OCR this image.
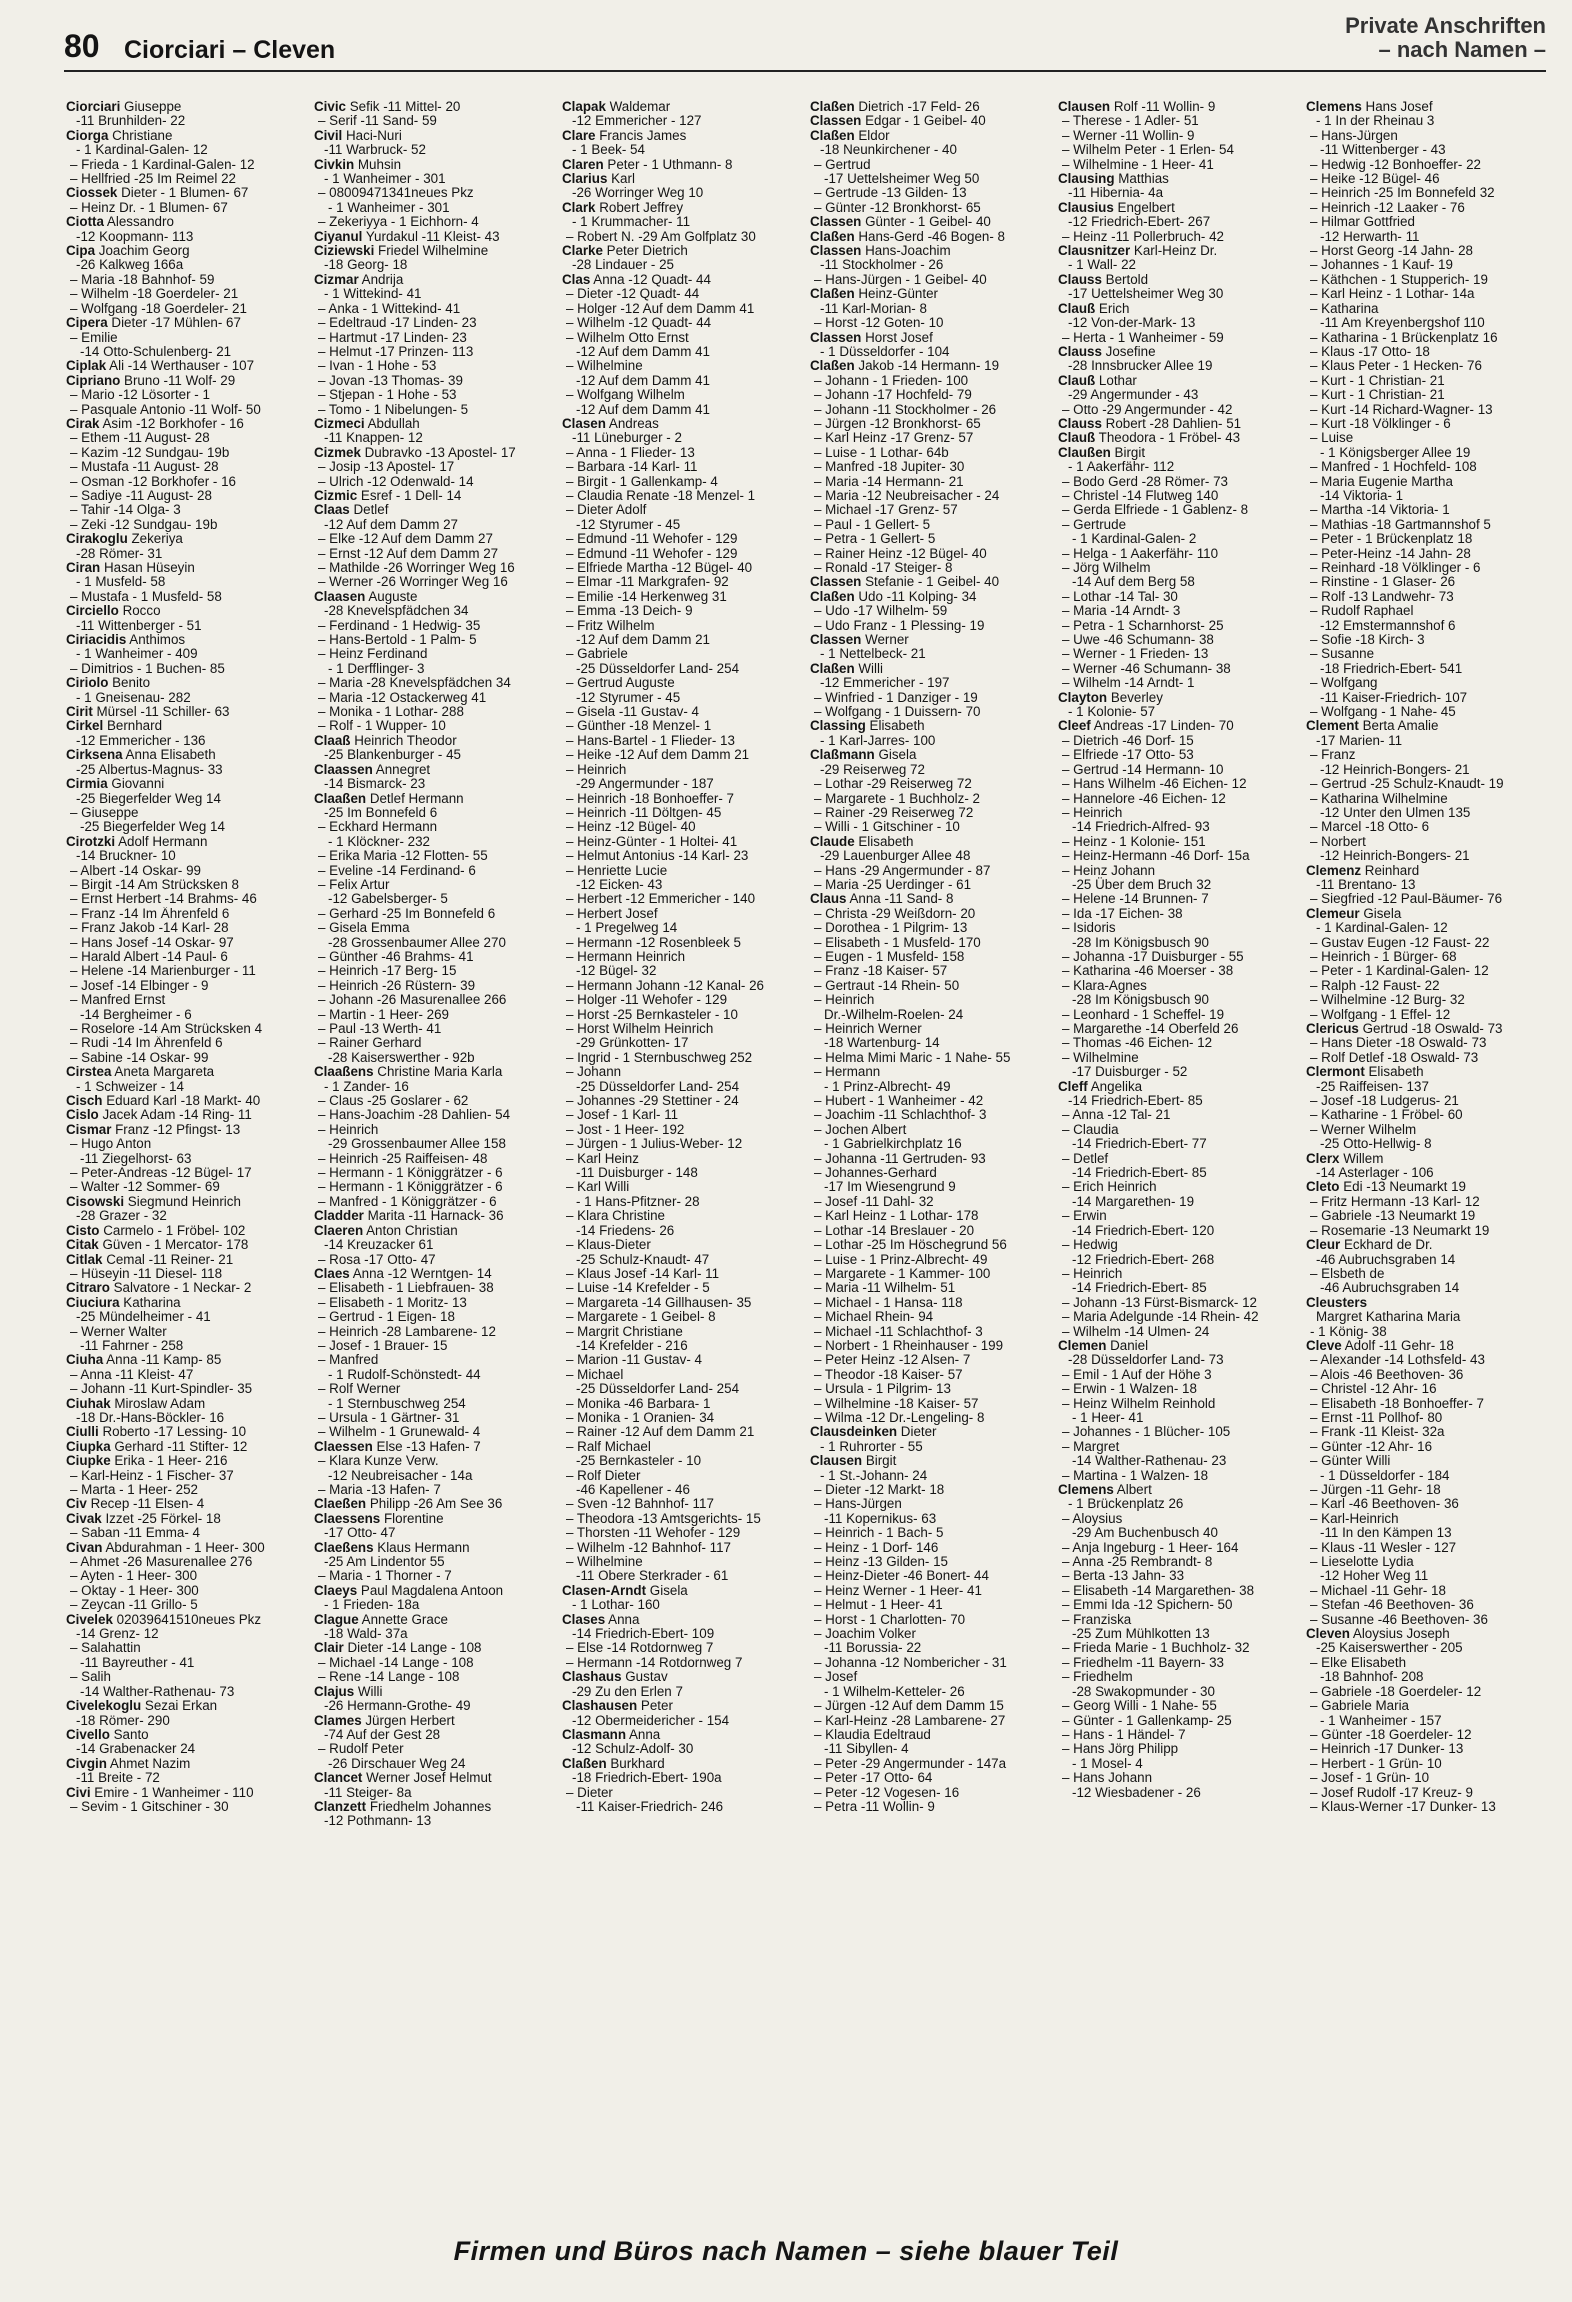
80 Ciorciari – Cleven
Private Anschriften
– nach Namen –
Ciorciari Giuseppe
-11 Brunhilden- 22
Ciorga Christiane
- 1 Kardinal-Galen- 12
– Frieda - 1 Kardinal-Galen- 12
– Hellfried -25 Im Reimel 22
Ciossek Dieter - 1 Blumen- 67
– Heinz Dr. - 1 Blumen- 67
Ciotta Alessandro
-12 Koopmann- 113
Cipa Joachim Georg
-26 Kalkweg 166a
– Maria -18 Bahnhof- 59
– Wilhelm -18 Goerdeler- 21
– Wolfgang -18 Goerdeler- 21
Cipera Dieter -17 Mühlen- 67
– Emilie
-14 Otto-Schulenberg- 21
Ciplak Ali -14 Werthauser - 107
Cipriano Bruno -11 Wolf- 29
– Mario -12 Lösorter - 1
– Pasquale Antonio -11 Wolf- 50
Cirak Asim -12 Borkhofer - 16
– Ethem -11 August- 28
– Kazim -12 Sundgau- 19b
– Mustafa -11 August- 28
– Osman -12 Borkhofer - 16
– Sadiye -11 August- 28
– Tahir -14 Olga- 3
– Zeki -12 Sundgau- 19b
Cirakoglu Zekeriya
-28 Römer- 31
Ciran Hasan Hüseyin
- 1 Musfeld- 58
– Mustafa - 1 Musfeld- 58
Circiello Rocco
-11 Wittenberger - 51
Ciriacidis Anthimos
- 1 Wanheimer - 409
– Dimitrios - 1 Buchen- 85
Ciriolo Benito
- 1 Gneisenau- 282
Cirit Mürsel -11 Schiller- 63
Cirkel Bernhard
-12 Emmericher - 136
Cirksena Anna Elisabeth
-25 Albertus-Magnus- 33
Cirmia Giovanni
-25 Biegerfelder Weg 14
– Giuseppe
-25 Biegerfelder Weg 14
Cirotzki Adolf Hermann
-14 Bruckner- 10
– Albert -14 Oskar- 99
– Birgit -14 Am Strücksken 8
– Ernst Herbert -14 Brahms- 46
– Franz -14 Im Ährenfeld 6
– Franz Jakob -14 Karl- 28
– Hans Josef -14 Oskar- 97
– Harald Albert -14 Paul- 6
– Helene -14 Marienburger - 11
– Josef -14 Elbinger - 9
– Manfred Ernst
-14 Bergheimer - 6
– Roselore -14 Am Strücksken 4
– Rudi -14 Im Ährenfeld 6
– Sabine -14 Oskar- 99
Cirstea Aneta Margareta
- 1 Schweizer - 14
Cisch Eduard Karl -18 Markt- 40
Cislo Jacek Adam -14 Ring- 11
Cismar Franz -12 Pfingst- 13
– Hugo Anton
-11 Ziegelhorst- 63
– Peter-Andreas -12 Bügel- 17
– Walter -12 Sommer- 69
Cisowski Siegmund Heinrich
-28 Grazer - 32
Cisto Carmelo - 1 Fröbel- 102
Citak Güven - 1 Mercator- 178
Citlak Cemal -11 Reiner- 21
– Hüseyin -11 Diesel- 118
Citraro Salvatore - 1 Neckar- 2
Ciuciura Katharina
-25 Mündelheimer - 41
– Werner Walter
-11 Fahrner - 258
Ciuha Anna -11 Kamp- 85
– Anna -11 Kleist- 47
– Johann -11 Kurt-Spindler- 35
Ciuhak Miroslaw Adam
-18 Dr.-Hans-Böckler- 16
Ciulli Roberto -17 Lessing- 10
Ciupka Gerhard -11 Stifter- 12
Ciupke Erika - 1 Heer- 216
– Karl-Heinz - 1 Fischer- 37
– Marta - 1 Heer- 252
Civ Recep -11 Elsen- 4
Civak Izzet -25 Förkel- 18
– Saban -11 Emma- 4
Civan Abdurahman - 1 Heer- 300
– Ahmet -26 Masurenallee 276
– Ayten - 1 Heer- 300
– Oktay - 1 Heer- 300
– Zeycan -11 Grillo- 5
Civelek 02039641510neues Pkz
-14 Grenz- 12
– Salahattin
-11 Bayreuther - 41
– Salih
-14 Walther-Rathenau- 73
Civelekoglu Sezai Erkan
-18 Römer- 290
Civello Santo
-14 Grabenacker 24
Civgin Ahmet Nazim
-11 Breite - 72
Civi Emire - 1 Wanheimer - 110
– Sevim - 1 Gitschiner - 30
Civic Sefik -11 Mittel- 20
– Serif -11 Sand- 59
Civil Haci-Nuri
-11 Warbruck- 52
Civkin Muhsin
- 1 Wanheimer - 301
– 08009471341neues Pkz
- 1 Wanheimer - 301
– Zekeriyya - 1 Eichhorn- 4
Ciyanul Yurdakul -11 Kleist- 43
Ciziewski Friedel Wilhelmine
-18 Georg- 18
Cizmar Andrija
- 1 Wittekind- 41
– Anka - 1 Wittekind- 41
– Edeltraud -17 Linden- 23
– Hartmut -17 Linden- 23
– Helmut -17 Prinzen- 113
– Ivan - 1 Hohe - 53
– Jovan -13 Thomas- 39
– Stjepan - 1 Hohe - 53
– Tomo - 1 Nibelungen- 5
Cizmeci Abdullah
-11 Knappen- 12
Cizmek Dubravko -13 Apostel- 17
– Josip -13 Apostel- 17
– Ulrich -12 Odenwald- 14
Cizmic Esref - 1 Dell- 14
Claas Detlef
-12 Auf dem Damm 27
– Elke -12 Auf dem Damm 27
– Ernst -12 Auf dem Damm 27
– Mathilde -26 Worringer Weg 16
– Werner -26 Worringer Weg 16
Claasen Auguste
-28 Knevelspfädchen 34
– Ferdinand - 1 Hedwig- 35
– Hans-Bertold - 1 Palm- 5
– Heinz Ferdinand
- 1 Derfflinger- 3
– Maria -28 Knevelspfädchen 34
– Maria -12 Ostackerweg 41
– Monika - 1 Lothar- 288
– Rolf - 1 Wupper- 10
Claaß Heinrich Theodor
-25 Blankenburger - 45
Claassen Annegret
-14 Bismarck- 23
Claaßen Detlef Hermann
-25 Im Bonnefeld 6
– Eckhard Hermann
- 1 Klöckner- 232
– Erika Maria -12 Flotten- 55
– Eveline -14 Ferdinand- 6
– Felix Artur
-12 Gabelsberger- 5
– Gerhard -25 Im Bonnefeld 6
– Gisela Emma
-28 Grossenbaumer Allee 270
– Günther -46 Brahms- 41
– Heinrich -17 Berg- 15
– Heinrich -26 Rüstern- 39
– Johann -26 Masurenallee 266
– Martin - 1 Heer- 269
– Paul -13 Werth- 41
– Rainer Gerhard
-28 Kaiserswerther - 92b
Claaßens Christine Maria Karla
- 1 Zander- 16
– Claus -25 Goslarer - 62
– Hans-Joachim -28 Dahlien- 54
– Heinrich
-29 Grossenbaumer Allee 158
– Heinrich -25 Raiffeisen- 48
– Hermann - 1 Königgrätzer - 6
– Hermann - 1 Königgrätzer - 6
– Manfred - 1 Königgrätzer - 6
Cladder Marita -11 Harnack- 36
Claeren Anton Christian
-14 Kreuzacker 61
– Rosa -17 Otto- 47
Claes Anna -12 Werntgen- 14
– Elisabeth - 1 Liebfrauen- 38
– Elisabeth - 1 Moritz- 13
– Gertrud - 1 Eigen- 18
– Heinrich -28 Lambarene- 12
– Josef - 1 Brauer- 15
– Manfred
- 1 Rudolf-Schönstedt- 44
– Rolf Werner
- 1 Sternbuschweg 254
– Ursula - 1 Gärtner- 31
– Wilhelm - 1 Grunewald- 4
Claessen Else -13 Hafen- 7
– Klara Kunze Verw.
-12 Neubreisacher - 14a
– Maria -13 Hafen- 7
Claeßen Philipp -26 Am See 36
Claessens Florentine
-17 Otto- 47
Claeßens Klaus Hermann
-25 Am Lindentor 55
– Maria - 1 Thorner - 7
Claeys Paul Magdalena Antoon
- 1 Frieden- 18a
Clague Annette Grace
-18 Wald- 37a
Clair Dieter -14 Lange - 108
– Michael -14 Lange - 108
– Rene -14 Lange - 108
Clajus Willi
-26 Hermann-Grothe- 49
Clames Jürgen Herbert
-74 Auf der Gest 28
– Rudolf Peter
-26 Dirschauer Weg 24
Clancet Werner Josef Helmut
-11 Steiger- 8a
Clanzett Friedhelm Johannes
-12 Pothmann- 13
Clapak Waldemar
-12 Emmericher - 127
Clare Francis James
- 1 Beek- 54
Claren Peter - 1 Uthmann- 8
Clarius Karl
-26 Worringer Weg 10
Clark Robert Jeffrey
- 1 Krummacher- 11
– Robert N. -29 Am Golfplatz 30
Clarke Peter Dietrich
-28 Lindauer - 25
Clas Anna -12 Quadt- 44
– Dieter -12 Quadt- 44
– Holger -12 Auf dem Damm 41
– Wilhelm -12 Quadt- 44
– Wilhelm Otto Ernst
-12 Auf dem Damm 41
– Wilhelmine
-12 Auf dem Damm 41
– Wolfgang Wilhelm
-12 Auf dem Damm 41
Clasen Andreas
-11 Lüneburger - 2
– Anna - 1 Flieder- 13
– Barbara -14 Karl- 11
– Birgit - 1 Gallenkamp- 4
– Claudia Renate -18 Menzel- 1
– Dieter Adolf
-12 Styrumer - 45
– Edmund -11 Wehofer - 129
– Edmund -11 Wehofer - 129
– Elfriede Martha -12 Bügel- 40
– Elmar -11 Markgrafen- 92
– Emilie -14 Herkenweg 31
– Emma -13 Deich- 9
– Fritz Wilhelm
-12 Auf dem Damm 21
– Gabriele
-25 Düsseldorfer Land- 254
– Gertrud Auguste
-12 Styrumer - 45
– Gisela -11 Gustav- 4
– Günther -18 Menzel- 1
– Hans-Bartel - 1 Flieder- 13
– Heike -12 Auf dem Damm 21
– Heinrich
-29 Angermunder - 187
– Heinrich -18 Bonhoeffer- 7
– Heinrich -11 Döltgen- 45
– Heinz -12 Bügel- 40
– Heinz-Günter - 1 Holtei- 41
– Helmut Antonius -14 Karl- 23
– Henriette Lucie
-12 Eicken- 43
– Herbert -12 Emmericher - 140
– Herbert Josef
- 1 Pregelweg 14
– Hermann -12 Rosenbleek 5
– Hermann Heinrich
-12 Bügel- 32
– Hermann Johann -12 Kanal- 26
– Holger -11 Wehofer - 129
– Horst -25 Bernkasteler - 10
– Horst Wilhelm Heinrich
-29 Grünkotten- 17
– Ingrid - 1 Sternbuschweg 252
– Johann
-25 Düsseldorfer Land- 254
– Johannes -29 Stettiner - 24
– Josef - 1 Karl- 11
– Jost - 1 Heer- 192
– Jürgen - 1 Julius-Weber- 12
– Karl Heinz
-11 Duisburger - 148
– Karl Willi
- 1 Hans-Pfitzner- 28
– Klara Christine
-14 Friedens- 26
– Klaus-Dieter
-25 Schulz-Knaudt- 47
– Klaus Josef -14 Karl- 11
– Luise -14 Krefelder - 5
– Margareta -14 Gillhausen- 35
– Margarete - 1 Geibel- 8
– Margrit Christiane
-14 Krefelder - 216
– Marion -11 Gustav- 4
– Michael
-25 Düsseldorfer Land- 254
– Monika -46 Barbara- 1
– Monika - 1 Oranien- 34
– Rainer -12 Auf dem Damm 21
– Ralf Michael
-25 Bernkasteler - 10
– Rolf Dieter
-46 Kapellener - 46
– Sven -12 Bahnhof- 117
– Theodora -13 Amtsgerichts- 15
– Thorsten -11 Wehofer - 129
– Wilhelm -12 Bahnhof- 117
– Wilhelmine
-11 Obere Sterkrader - 61
Clasen-Arndt Gisela
- 1 Lothar- 160
Clases Anna
-14 Friedrich-Ebert- 109
– Else -14 Rotdornweg 7
– Hermann -14 Rotdornweg 7
Clashaus Gustav
-29 Zu den Erlen 7
Clashausen Peter
-12 Obermeidericher - 154
Clasmann Anna
-12 Schulz-Adolf- 30
Claßen Burkhard
-18 Friedrich-Ebert- 190a
– Dieter
-11 Kaiser-Friedrich- 246
Claßen Dietrich -17 Feld- 26
Classen Edgar - 1 Geibel- 40
Claßen Eldor
-18 Neunkirchener - 40
– Gertrud
-17 Uettelsheimer Weg 50
– Gertrude -13 Gilden- 13
– Günter -12 Bronkhorst- 65
Classen Günter - 1 Geibel- 40
Claßen Hans-Gerd -46 Bogen- 8
Classen Hans-Joachim
-11 Stockholmer - 26
– Hans-Jürgen - 1 Geibel- 40
Claßen Heinz-Günter
-11 Karl-Morian- 8
– Horst -12 Goten- 10
Classen Horst Josef
- 1 Düsseldorfer - 104
Claßen Jakob -14 Hermann- 19
– Johann - 1 Frieden- 100
– Johann -17 Hochfeld- 79
– Johann -11 Stockholmer - 26
– Jürgen -12 Bronkhorst- 65
– Karl Heinz -17 Grenz- 57
– Luise - 1 Lothar- 64b
– Manfred -18 Jupiter- 30
– Maria -14 Hermann- 21
– Maria -12 Neubreisacher - 24
– Michael -17 Grenz- 57
– Paul - 1 Gellert- 5
– Petra - 1 Gellert- 5
– Rainer Heinz -12 Bügel- 40
– Ronald -17 Steiger- 8
Classen Stefanie - 1 Geibel- 40
Claßen Udo -11 Kolping- 34
– Udo -17 Wilhelm- 59
– Udo Franz - 1 Plessing- 19
Classen Werner
- 1 Nettelbeck- 21
Claßen Willi
-12 Emmericher - 197
– Winfried - 1 Danziger - 19
– Wolfgang - 1 Duissern- 70
Classing Elisabeth
- 1 Karl-Jarres- 100
Claßmann Gisela
-29 Reiserweg 72
– Lothar -29 Reiserweg 72
– Margarete - 1 Buchholz- 2
– Rainer -29 Reiserweg 72
– Willi - 1 Gitschiner - 10
Claude Elisabeth
-29 Lauenburger Allee 48
– Hans -29 Angermunder - 87
– Maria -25 Uerdinger - 61
Claus Anna -11 Sand- 8
– Christa -29 Weißdorn- 20
– Dorothea - 1 Pilgrim- 13
– Elisabeth - 1 Musfeld- 170
– Eugen - 1 Musfeld- 158
– Franz -18 Kaiser- 57
– Gertraut -14 Rhein- 50
– Heinrich
Dr.-Wilhelm-Roelen- 24
– Heinrich Werner
-18 Wartenburg- 14
– Helma Mimi Maric - 1 Nahe- 55
– Hermann
- 1 Prinz-Albrecht- 49
– Hubert - 1 Wanheimer - 42
– Joachim -11 Schlachthof- 3
– Jochen Albert
- 1 Gabrielkirchplatz 16
– Johanna -11 Gertruden- 93
– Johannes-Gerhard
-17 Im Wiesengrund 9
– Josef -11 Dahl- 32
– Karl Heinz - 1 Lothar- 178
– Lothar -14 Breslauer - 20
– Lothar -25 Im Höschegrund 56
– Luise - 1 Prinz-Albrecht- 49
– Margarete - 1 Kammer- 100
– Maria -11 Wilhelm- 51
– Michael - 1 Hansa- 118
– Michael Rhein- 94
– Michael -11 Schlachthof- 3
– Norbert - 1 Rheinhauser - 199
– Peter Heinz -12 Alsen- 7
– Theodor -18 Kaiser- 57
– Ursula - 1 Pilgrim- 13
– Wilhelmine -18 Kaiser- 57
– Wilma -12 Dr.-Lengeling- 8
Clausdeinken Dieter
- 1 Ruhrorter - 55
Clausen Birgit
- 1 St.-Johann- 24
– Dieter -12 Markt- 18
– Hans-Jürgen
-11 Kopernikus- 63
– Heinrich - 1 Bach- 5
– Heinz - 1 Dorf- 146
– Heinz -13 Gilden- 15
– Heinz-Dieter -46 Bonert- 44
– Heinz Werner - 1 Heer- 41
– Helmut - 1 Heer- 41
– Horst - 1 Charlotten- 70
– Joachim Volker
-11 Borussia- 22
– Johanna -12 Nombericher - 31
– Josef
- 1 Wilhelm-Ketteler- 26
– Jürgen -12 Auf dem Damm 15
– Karl-Heinz -28 Lambarene- 27
– Klaudia Edeltraud
-11 Sibyllen- 4
– Peter -29 Angermunder - 147a
– Peter -17 Otto- 64
– Peter -12 Vogesen- 16
– Petra -11 Wollin- 9
Clausen Rolf -11 Wollin- 9
– Therese - 1 Adler- 51
– Werner -11 Wollin- 9
– Wilhelm Peter - 1 Erlen- 54
– Wilhelmine - 1 Heer- 41
Clausing Matthias
-11 Hibernia- 4a
Clausius Engelbert
-12 Friedrich-Ebert- 267
– Heinz -11 Pollerbruch- 42
Clausnitzer Karl-Heinz Dr.
- 1 Wall- 22
Clauss Bertold
-17 Uettelsheimer Weg 30
Clauß Erich
-12 Von-der-Mark- 13
– Herta - 1 Wanheimer - 59
Clauss Josefine
-28 Innsbrucker Allee 19
Clauß Lothar
-29 Angermunder - 43
– Otto -29 Angermunder - 42
Clauss Robert -28 Dahlien- 51
Clauß Theodora - 1 Fröbel- 43
Claußen Birgit
- 1 Aakerfähr- 112
– Bodo Gerd -28 Römer- 73
– Christel -14 Flutweg 140
– Gerda Elfriede - 1 Gablenz- 8
– Gertrude
- 1 Kardinal-Galen- 2
– Helga - 1 Aakerfähr- 110
– Jörg Wilhelm
-14 Auf dem Berg 58
– Lothar -14 Tal- 30
– Maria -14 Arndt- 3
– Petra - 1 Scharnhorst- 25
– Uwe -46 Schumann- 38
– Werner - 1 Frieden- 13
– Werner -46 Schumann- 38
– Wilhelm -14 Arndt- 1
Clayton Beverley
- 1 Kolonie- 57
Cleef Andreas -17 Linden- 70
– Dietrich -46 Dorf- 15
– Elfriede -17 Otto- 53
– Gertrud -14 Hermann- 10
– Hans Wilhelm -46 Eichen- 12
– Hannelore -46 Eichen- 12
– Heinrich
-14 Friedrich-Alfred- 93
– Heinz - 1 Kolonie- 151
– Heinz-Hermann -46 Dorf- 15a
– Heinz Johann
-25 Über dem Bruch 32
– Helene -14 Brunnen- 7
– Ida -17 Eichen- 38
– Isidoris
-28 Im Königsbusch 90
– Johanna -17 Duisburger - 55
– Katharina -46 Moerser - 38
– Klara-Agnes
-28 Im Königsbusch 90
– Leonhard - 1 Scheffel- 19
– Margarethe -14 Oberfeld 26
– Thomas -46 Eichen- 12
– Wilhelmine
-17 Duisburger - 52
Cleff Angelika
-14 Friedrich-Ebert- 85
– Anna -12 Tal- 21
– Claudia
-14 Friedrich-Ebert- 77
– Detlef
-14 Friedrich-Ebert- 85
– Erich Heinrich
-14 Margarethen- 19
– Erwin
-14 Friedrich-Ebert- 120
– Hedwig
-12 Friedrich-Ebert- 268
– Heinrich
-14 Friedrich-Ebert- 85
– Johann -13 Fürst-Bismarck- 12
– Maria Adelgunde -14 Rhein- 42
– Wilhelm -14 Ulmen- 24
Clemen Daniel
-28 Düsseldorfer Land- 73
– Emil - 1 Auf der Höhe 3
– Erwin - 1 Walzen- 18
– Heinz Wilhelm Reinhold
- 1 Heer- 41
– Johannes - 1 Blücher- 105
– Margret
-14 Walther-Rathenau- 23
– Martina - 1 Walzen- 18
Clemens Albert
- 1 Brückenplatz 26
– Aloysius
-29 Am Buchenbusch 40
– Anja Ingeburg - 1 Heer- 164
– Anna -25 Rembrandt- 8
– Berta -13 Jahn- 33
– Elisabeth -14 Margarethen- 38
– Emmi Ida -12 Spichern- 50
– Franziska
-25 Zum Mühlkotten 13
– Frieda Marie - 1 Buchholz- 32
– Friedhelm -11 Bayern- 33
– Friedhelm
-28 Swakopmunder - 30
– Georg Willi - 1 Nahe- 55
– Günter - 1 Gallenkamp- 25
– Hans - 1 Händel- 7
– Hans Jörg Philipp
- 1 Mosel- 4
– Hans Johann
-12 Wiesbadener - 26
Clemens Hans Josef
- 1 In der Rheinau 3
– Hans-Jürgen
-11 Wittenberger - 43
– Hedwig -12 Bonhoeffer- 22
– Heike -12 Bügel- 46
– Heinrich -25 Im Bonnefeld 32
– Heinrich -12 Laaker - 76
– Hilmar Gottfried
-12 Herwarth- 11
– Horst Georg -14 Jahn- 28
– Johannes - 1 Kauf- 19
– Käthchen - 1 Stupperich- 19
– Karl Heinz - 1 Lothar- 14a
– Katharina
-11 Am Kreyenbergshof 110
– Katharina - 1 Brückenplatz 16
– Klaus -17 Otto- 18
– Klaus Peter - 1 Hecken- 76
– Kurt - 1 Christian- 21
– Kurt - 1 Christian- 21
– Kurt -14 Richard-Wagner- 13
– Kurt -18 Völklinger - 6
– Luise
- 1 Königsberger Allee 19
– Manfred - 1 Hochfeld- 108
– Maria Eugenie Martha
-14 Viktoria- 1
– Martha -14 Viktoria- 1
– Mathias -18 Gartmannshof 5
– Peter - 1 Brückenplatz 18
– Peter-Heinz -14 Jahn- 28
– Reinhard -18 Völklinger - 6
– Rinstine - 1 Glaser- 26
– Rolf -13 Landwehr- 73
– Rudolf Raphael
-12 Emstermannshof 6
– Sofie -18 Kirch- 3
– Susanne
-18 Friedrich-Ebert- 541
– Wolfgang
-11 Kaiser-Friedrich- 107
– Wolfgang - 1 Nahe- 45
Clement Berta Amalie
-17 Marien- 11
– Franz
-12 Heinrich-Bongers- 21
– Gertrud -25 Schulz-Knaudt- 19
– Katharina Wilhelmine
-12 Unter den Ulmen 135
– Marcel -18 Otto- 6
– Norbert
-12 Heinrich-Bongers- 21
Clemenz Reinhard
-11 Brentano- 13
– Siegfried -12 Paul-Bäumer- 76
Clemeur Gisela
- 1 Kardinal-Galen- 12
– Gustav Eugen -12 Faust- 22
– Heinrich - 1 Bürger- 68
– Peter - 1 Kardinal-Galen- 12
– Ralph -12 Faust- 22
– Wilhelmine -12 Burg- 32
– Wolfgang - 1 Effel- 12
Clericus Gertrud -18 Oswald- 73
– Hans Dieter -18 Oswald- 73
– Rolf Detlef -18 Oswald- 73
Clermont Elisabeth
-25 Raiffeisen- 137
– Josef -18 Ludgerus- 21
– Katharine - 1 Fröbel- 60
– Werner Wilhelm
-25 Otto-Hellwig- 8
Clerx Willem
-14 Asterlager - 106
Cleto Edi -13 Neumarkt 19
– Fritz Hermann -13 Karl- 12
– Gabriele -13 Neumarkt 19
– Rosemarie -13 Neumarkt 19
Cleur Eckhard de Dr.
-46 Aubruchsgraben 14
– Elsbeth de
-46 Aubruchsgraben 14
Cleusters
Margret Katharina Maria
- 1 König- 38
Cleve Adolf -11 Gehr- 18
– Alexander -14 Lothsfeld- 43
– Alois -46 Beethoven- 36
– Christel -12 Ahr- 16
– Elisabeth -18 Bonhoeffer- 7
– Ernst -11 Pollhof- 80
– Frank -11 Kleist- 32a
– Günter -12 Ahr- 16
– Günter Willi
- 1 Düsseldorfer - 184
– Jürgen -11 Gehr- 18
– Karl -46 Beethoven- 36
– Karl-Heinrich
-11 In den Kämpen 13
– Klaus -11 Wesler - 127
– Lieselotte Lydia
-12 Hoher Weg 11
– Michael -11 Gehr- 18
– Stefan -46 Beethoven- 36
– Susanne -46 Beethoven- 36
Cleven Aloysius Joseph
-25 Kaiserswerther - 205
– Elke Elisabeth
-18 Bahnhof- 208
– Gabriele -18 Goerdeler- 12
– Gabriele Maria
- 1 Wanheimer - 157
– Günter -18 Goerdeler- 12
– Heinrich -17 Dunker- 13
– Herbert - 1 Grün- 10
– Josef - 1 Grün- 10
– Josef Rudolf -17 Kreuz- 9
– Klaus-Werner -17 Dunker- 13
Firmen und Büros nach Namen – siehe blauer Teil
